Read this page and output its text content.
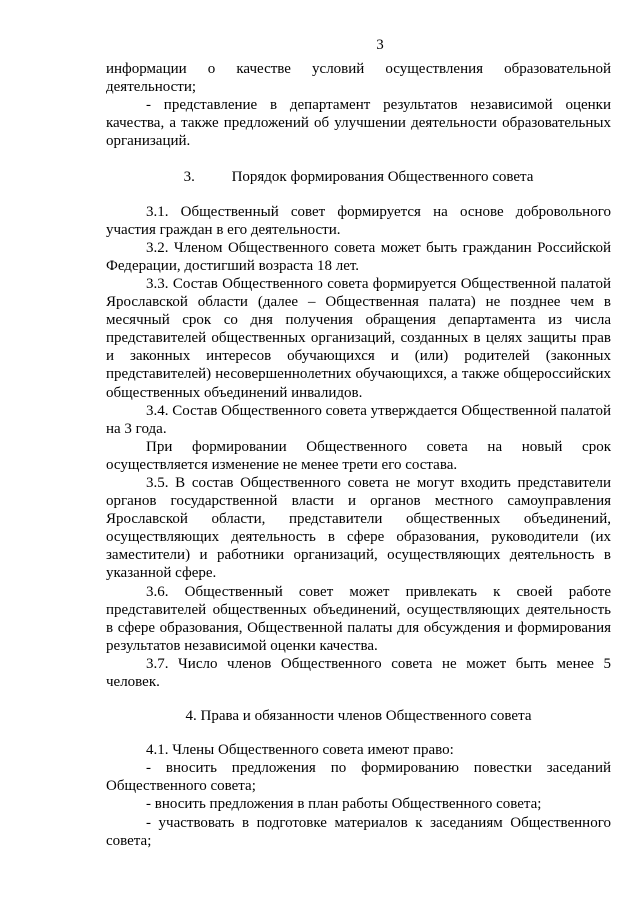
3

информации о качестве условий осуществления образовательной деятельности;

- представление в департамент результатов независимой оценки качества, а также предложений об улучшении деятельности образовательных организаций.

3. Порядок формирования Общественного совета

3.1. Общественный совет формируется на основе добровольного участия граждан в его деятельности.

3.2. Членом Общественного совета может быть гражданин Российской Федерации, достигший возраста 18 лет.

3.3. Состав Общественного совета формируется Общественной палатой Ярославской области (далее – Общественная палата) не позднее чем в месячный срок со дня получения обращения департамента из числа представителей общественных организаций, созданных в целях защиты прав и законных интересов обучающихся и (или) родителей (законных представителей) несовершеннолетних обучающихся, а также общероссийских общественных объединений инвалидов.

3.4. Состав Общественного совета утверждается Общественной палатой на 3 года.

При формировании Общественного совета на новый срок осуществляется изменение не менее трети его состава.

3.5. В состав Общественного совета не могут входить представители органов государственной власти и органов местного самоуправления Ярославской области, представители общественных объединений, осуществляющих деятельность в сфере образования, руководители (их заместители) и работники организаций, осуществляющих деятельность в указанной сфере.

3.6. Общественный совет может привлекать к своей работе представителей общественных объединений, осуществляющих деятельность в сфере образования, Общественной палаты для обсуждения и формирования результатов независимой оценки качества.

3.7. Число членов Общественного совета не может быть менее 5 человек.

4. Права и обязанности членов Общественного совета

4.1. Члены Общественного совета имеют право:

- вносить предложения по формированию повестки заседаний Общественного совета;

- вносить предложения в план работы Общественного совета;

- участвовать в подготовке материалов к заседаниям Общественного совета;
